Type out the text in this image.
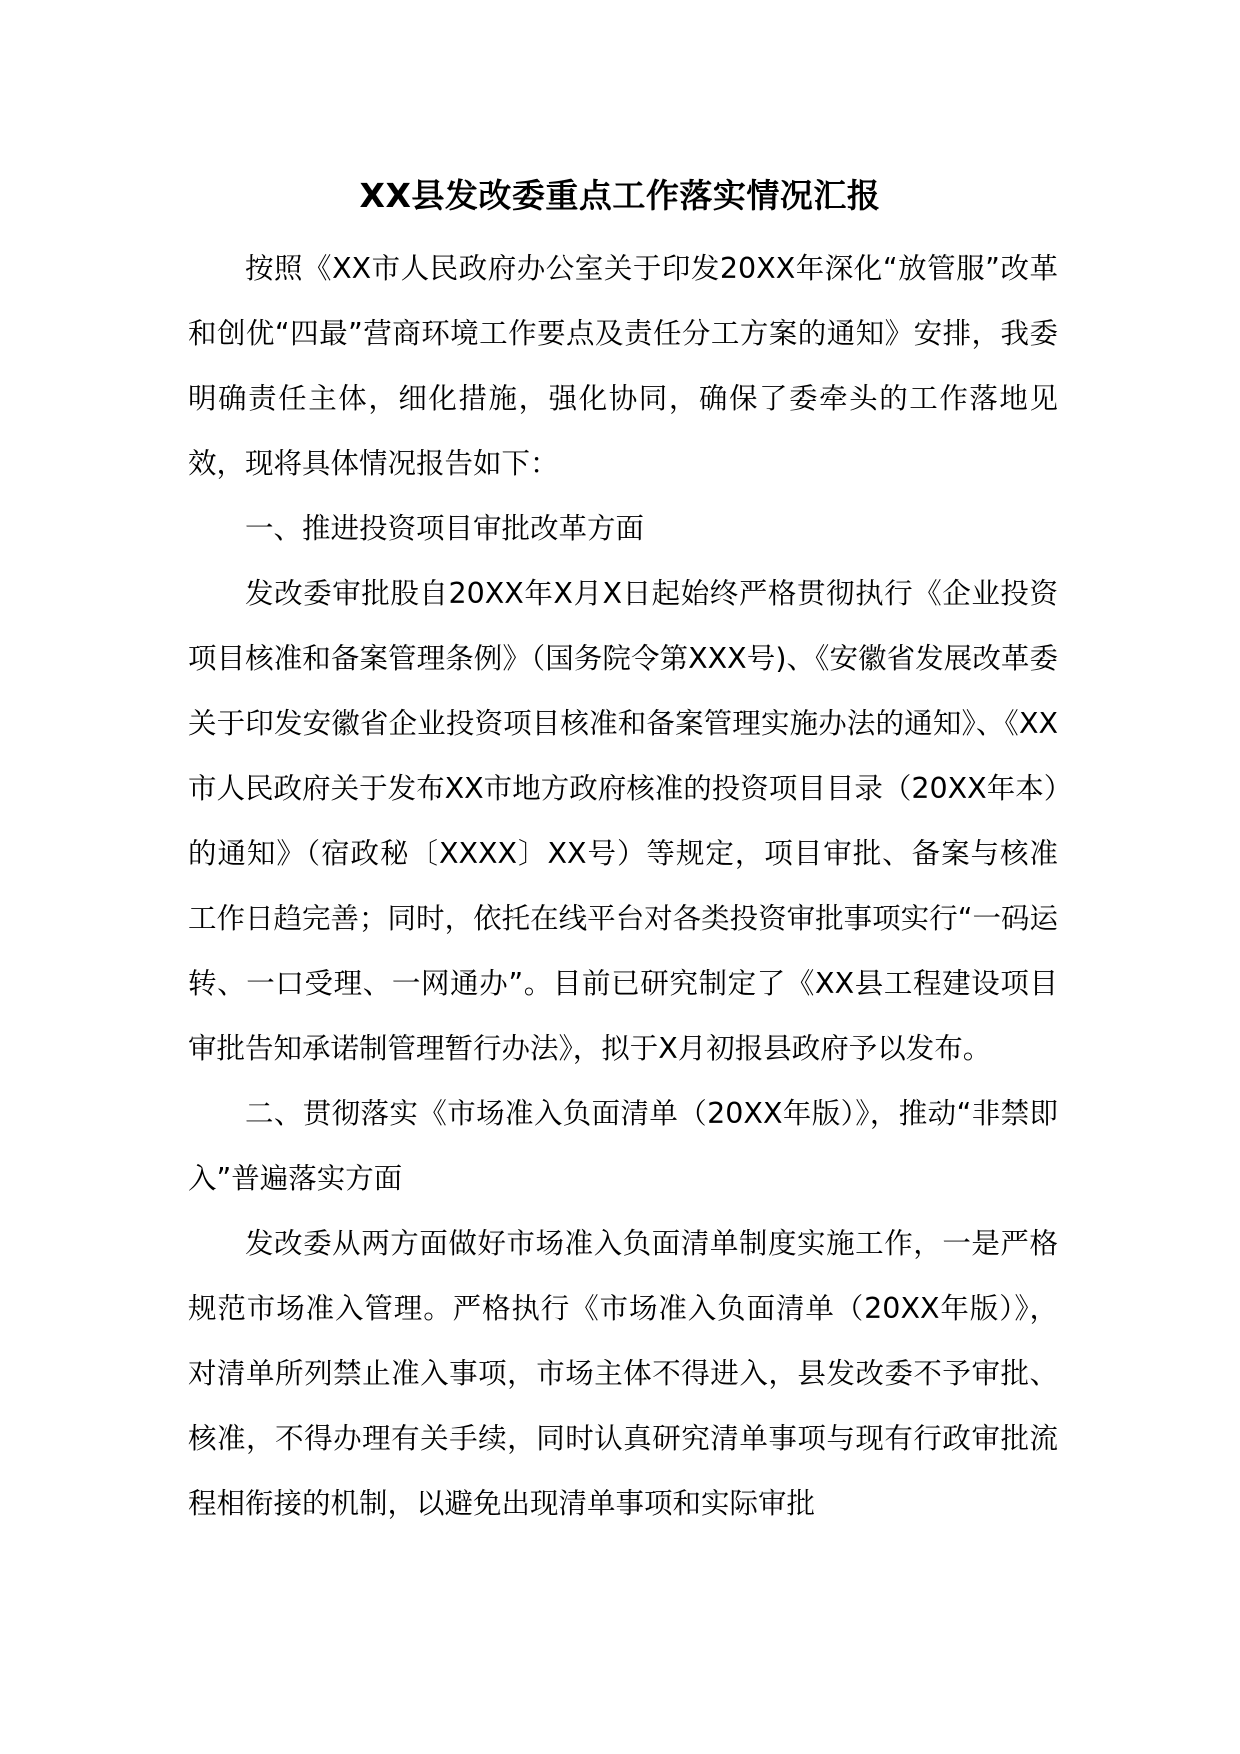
XX县发改委重点工作落实情况汇报

按照《XX市人民政府办公室关于印发20XX年深化“放管服”改革和创优“四最”营商环境工作要点及责任分工方案的通知》安排，我委明确责任主体，细化措施，强化协同，确保了委牵头的工作落地见效，现将具体情况报告如下：

一、推进投资项目审批改革方面

发改委审批股自20XX年X月X日起始终严格贯彻执行《企业投资项目核准和备案管理条例》（国务院令第XXX号)、《安徽省发展改革委关于印发安徽省企业投资项目核准和备案管理实施办法的通知》、《XX市人民政府关于发布XX市地方政府核准的投资项目目录（20XX年本）的通知》（宿政秘〔XXXX〕XX号）等规定，项目审批、备案与核准工作日趋完善；同时，依托在线平台对各类投资审批事项实行“一码运转、一口受理、一网通办”。目前已研究制定了《XX县工程建设项目审批告知承诺制管理暂行办法》，拟于X月初报县政府予以发布。

二、贯彻落实《市场准入负面清单（20XX年版）》，推动“非禁即入”普遍落实方面

发改委从两方面做好市场准入负面清单制度实施工作，一是严格规范市场准入管理。严格执行《市场准入负面清单（20XX年版）》，对清单所列禁止准入事项，市场主体不得进入，县发改委不予审批、核准，不得办理有关手续，同时认真研究清单事项与现有行政审批流程相衔接的机制，以避免出现清单事项和实际审批
